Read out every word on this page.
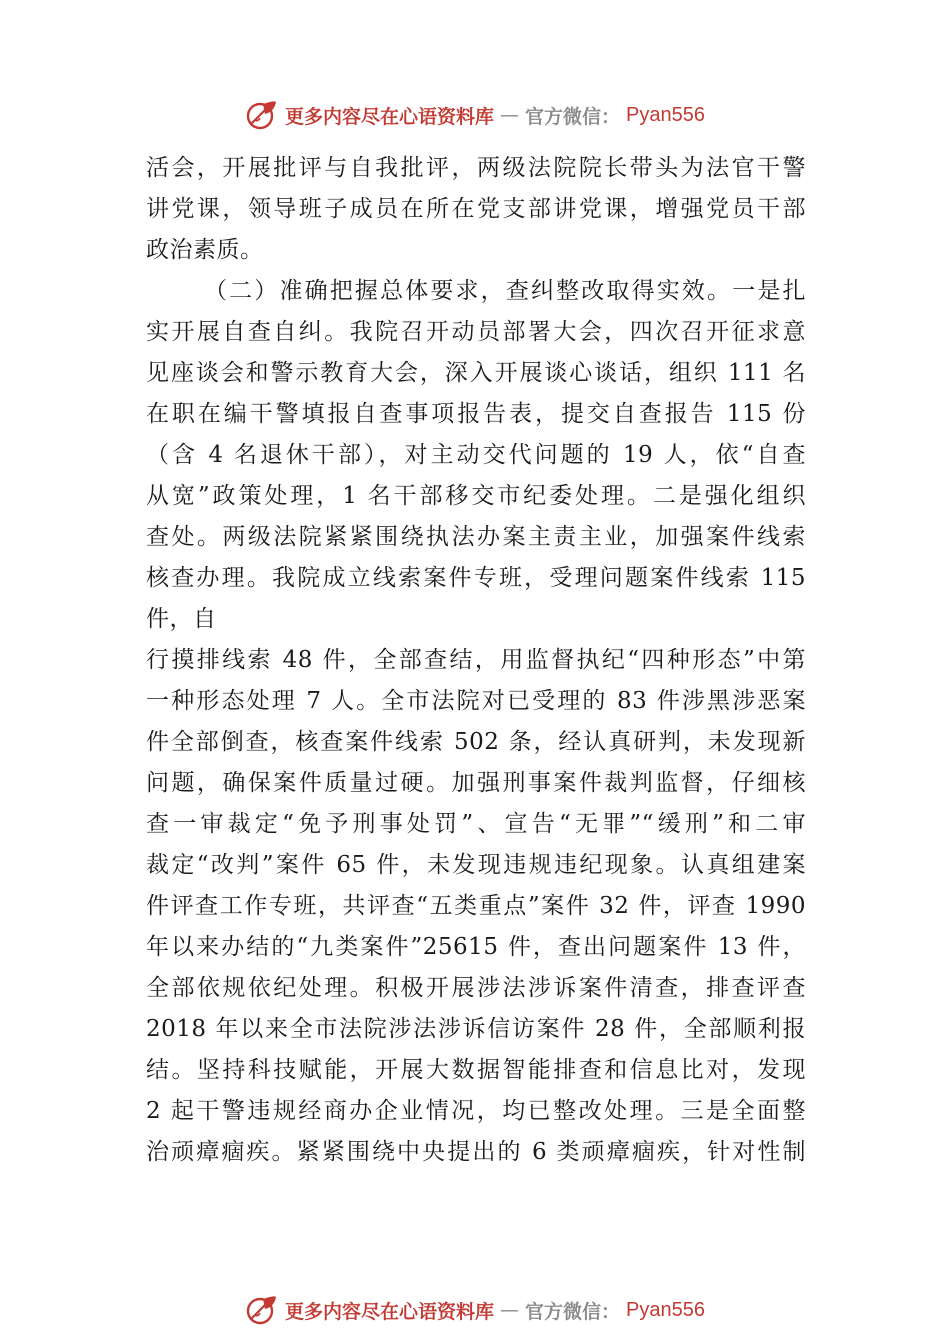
更多内容尽在心语资料库 — 官方微信： Pyan556
活会，开展批评与自我批评，两级法院院长带头为法官干警
讲党课，领导班子成员在所在党支部讲党课，增强党员干部
政治素质。
（二）准确把握总体要求，查纠整改取得实效。一是扎
实开展自查自纠。我院召开动员部署大会，四次召开征求意
见座谈会和警示教育大会，深入开展谈心谈话，组织 111 名
在职在编干警填报自查事项报告表，提交自查报告 115 份
（含 4 名退休干部），对主动交代问题的 19 人，依“自查
从宽”政策处理，1 名干部移交市纪委处理。二是强化组织
查处。两级法院紧紧围绕执法办案主责主业，加强案件线索
核查办理。我院成立线索案件专班，受理问题案件线索 115
件，自
行摸排线索 48 件，全部查结，用监督执纪“四种形态”中第
一种形态处理 7 人。全市法院对已受理的 83 件涉黑涉恶案
件全部倒查，核查案件线索 502 条，经认真研判，未发现新
问题，确保案件质量过硬。加强刑事案件裁判监督，仔细核
查一审裁定“免予刑事处罚”、宣告“无罪”“缓刑”和二审
裁定“改判”案件 65 件，未发现违规违纪现象。认真组建案
件评查工作专班，共评查“五类重点”案件 32 件，评查 1990
年以来办结的“九类案件”25615 件，查出问题案件 13 件，
全部依规依纪处理。积极开展涉法涉诉案件清查，排查评查
2018 年以来全市法院涉法涉诉信访案件 28 件，全部顺利报
结。坚持科技赋能，开展大数据智能排查和信息比对，发现
2 起干警违规经商办企业情况，均已整改处理。三是全面整
治顽瘴痼疾。紧紧围绕中央提出的 6 类顽瘴痼疾，针对性制
更多内容尽在心语资料库 — 官方微信： Pyan556
